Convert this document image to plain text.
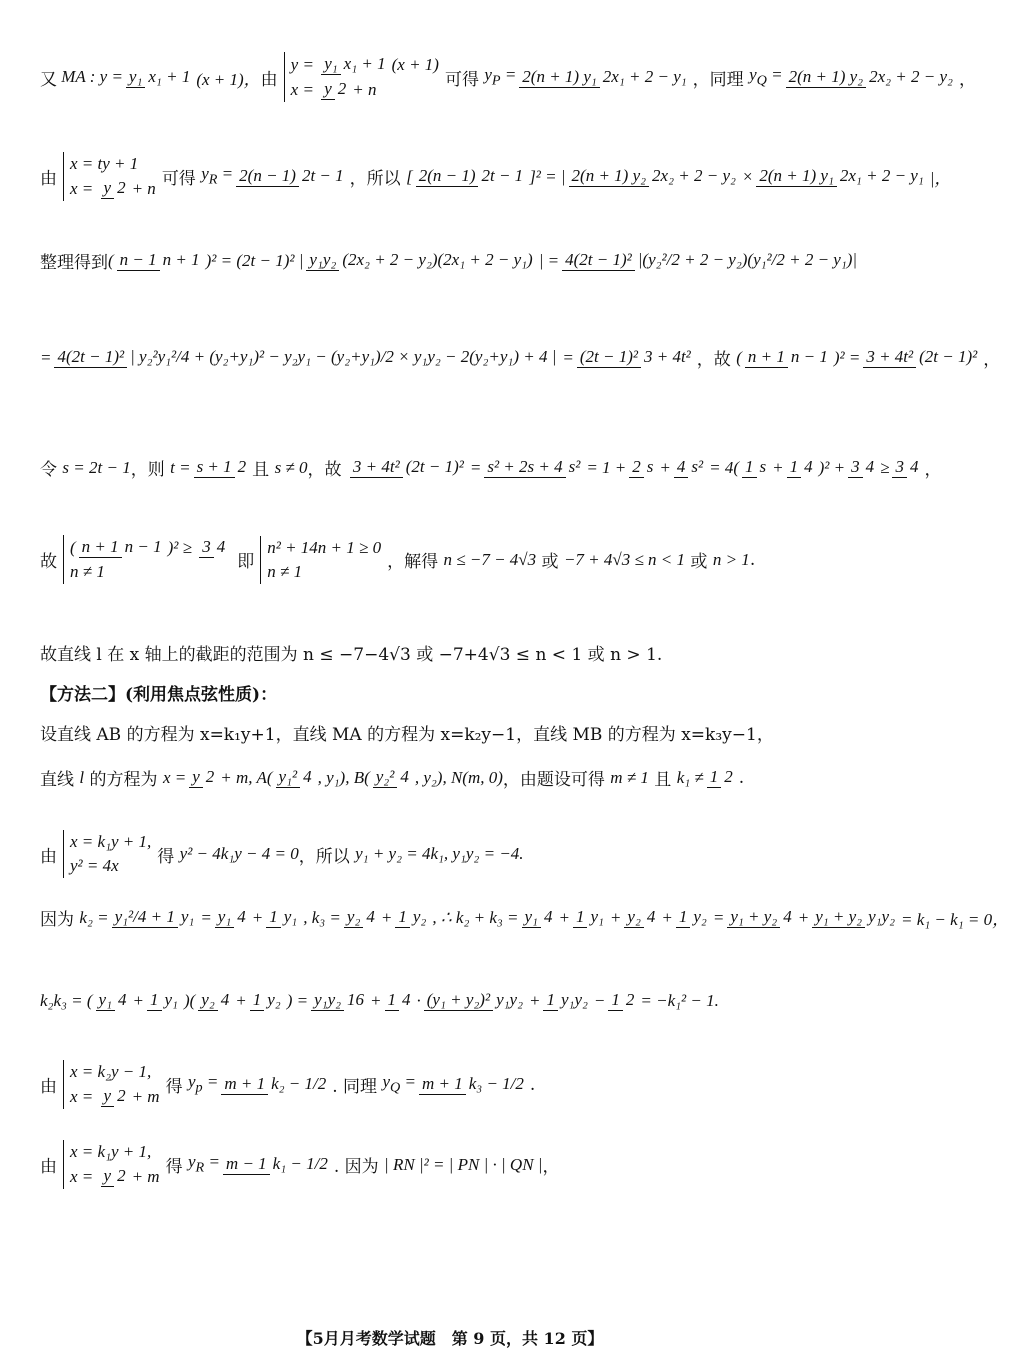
又 MA : y = y₁ x₁ + 1 (x + 1)， 由
y = y₁ x₁ + 1 (x + 1)
x = y 2 + n	可得 $y_P = 2(n + 1)$ y₁ 2x₁ + 2 − y₁ ，同理 $y_Q = 2(n + 1)$ y₂ 2x₂ + 2 − y₂ ，
由
x = ty + 1
x = y 2 + n 可得 $y_R = 2(n - 1) 2t - 1$ ，所以 [ 2(n − 1) 2t − 1 ]² = | 2(n + 1) y₂ 2x₂ + 2 − y₂ × 2(n + 1) y₁ 2x₁ + 2 − y₁ |，
整理得到 ( n − 1 n + 1 )² = (2t − 1)² | y₁y₂ (2x₂ + 2 − y₂)(2x₁ + 2 − y₁) | = 4(2t − 1)² |(y₂²/2 + 2 − y₂)(y₁²/2 + 2 − y₁)|
= 4(2t − 1)² | y₂²y₁²/4 + (y₂+y₁)² − y₂y₁ − (y₂+y₁)/2 × y₁y₂ − 2(y₂+y₁) + 4 | = (2t − 1)² 3 + 4t² ，故 ( n + 1 n − 1 )² = 3 + 4t² (2t − 1)² ，
令 s = 2t − 1 ，则 t = s + 1 2 且 s ≠ 0 ，故 3 + 4t² (2t − 1)² = s² + 2s + 4 s² = 1 + 2 s + 4 s² = 4( 1 s + 1 4 )² + 3 4 ≥ 3 4 ，
故
( n + 1 n − 1 )² ≥ 3 4
n ≠ 1	即
n² + 14n + 1 ≥ 0
n ≠ 1	，解得 n ≤ −7 − 4√3 或 −7 + 4√3 ≤ n < 1 或 n > 1 .
故直线 l 在 x 轴上的截距的范围为 n ≤ −7−4√3 或 −7+4√3 ≤ n < 1 或 n > 1.
【方法二】(利用焦点弦性质)：
设直线 AB 的方程为 x=k₁y+1，直线 MA 的方程为 x=k₂y−1，直线 MB 的方程为 x=k₃y−1，
直线 l 的方程为 x = y 2 + m, A( y₁² 4 , y₁), B( y₂² 4 , y₂), N(m, 0) ，由题设可得 m ≠ 1 且 k₁ ≠ 1 2 .
由
x = k₁y + 1,
y² = 4x	得 y² − 4k₁y − 4 = 0 ，所以 y₁ + y₂ = 4k₁, y₁y₂ = −4.
因为 k₂ = y₁²/4 + 1 y₁ = y₁ 4 + 1 y₁ , k₃ = y₂ 4 + 1 y₂ , ∴ k₂ + k₃ = y₁ 4 + 1 y₁ + y₂ 4 + 1 y₂ = y₁ + y₂ 4 + y₁ + y₂ y₁y₂ = k₁ − k₁ = 0，
k₂k₃ = ( y₁ 4 + 1 y₁ )( y₂ 4 + 1 y₂ ) = y₁y₂ 16 + 1 4 · (y₁ + y₂)² y₁y₂ + 1 y₁y₂ − 1 2 = −k₁² − 1.
由
x = k₂y − 1,
x = y 2 + m 得 $y_p = m + 1$ k₂ − 1/2 . 同理 $y_Q = m + 1$ k₃ − 1/2 .
由
x = k₁y + 1,
x = y 2 + m 得 $y_R = m - 1$ k₁ − 1/2 . 因为 | RN |² = | PN | · | QN | ，
【5月月考数学试题　第 9 页，共 12 页】
